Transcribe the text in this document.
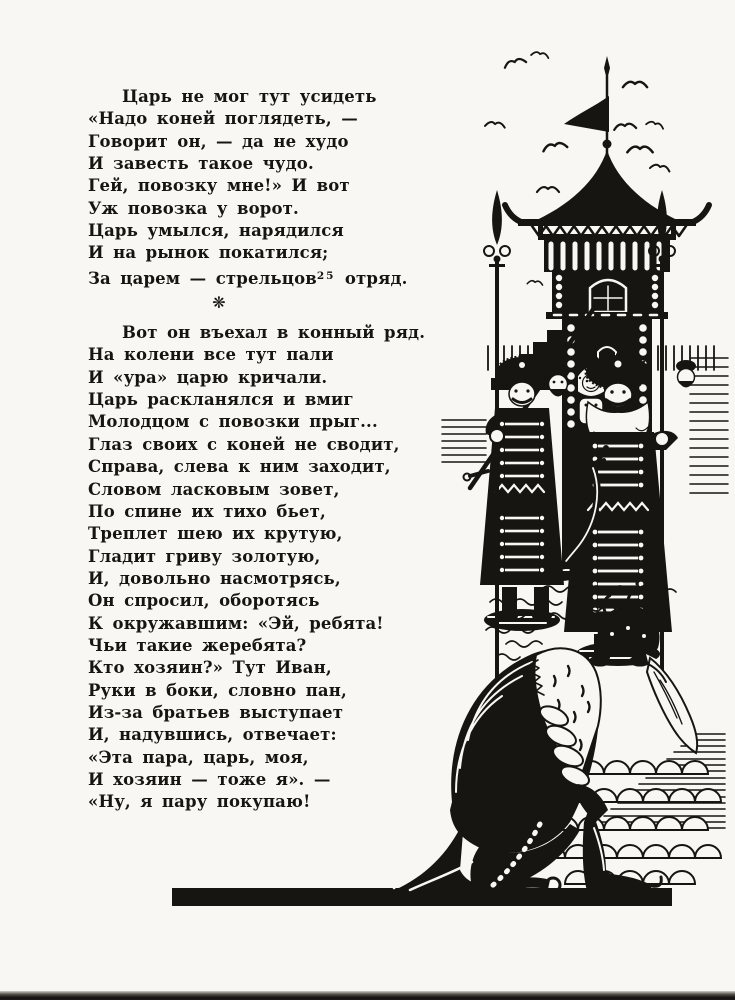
Царь не мог тут усидеть
«Надо коней поглядеть, —
Говорит он, — да не худо
И завесть такое чудо.
Гей, повозку мне!» И вот
Уж повозка у ворот.
Царь умылся, нарядился
И на рынок покатился;
За царем — стрельцов$^{25}$ отряд.
❋
Вот он въехал в конный ряд.
На колени все тут пали
И «ура» царю кричали.
Царь раскланялся и вмиг
Молодцом с повозки прыг...
Глаз своих с коней не сводит,
Справа, слева к ним заходит,
Словом ласковым зовет,
По спине их тихо бьет,
Треплет шею их крутую,
Гладит гриву золотую,
И, довольно насмотрясь,
Он спросил, оборотясь
К окружавшим: «Эй, ребята!
Чьи такие жеребята?
Кто хозяин?» Тут Иван,
Руки в боки, словно пан,
Из-за братьев выступает
И, надувшись, отвечает:
«Эта пара, царь, моя,
И хозяин — тоже я». —
«Ну, я пару покупаю!
